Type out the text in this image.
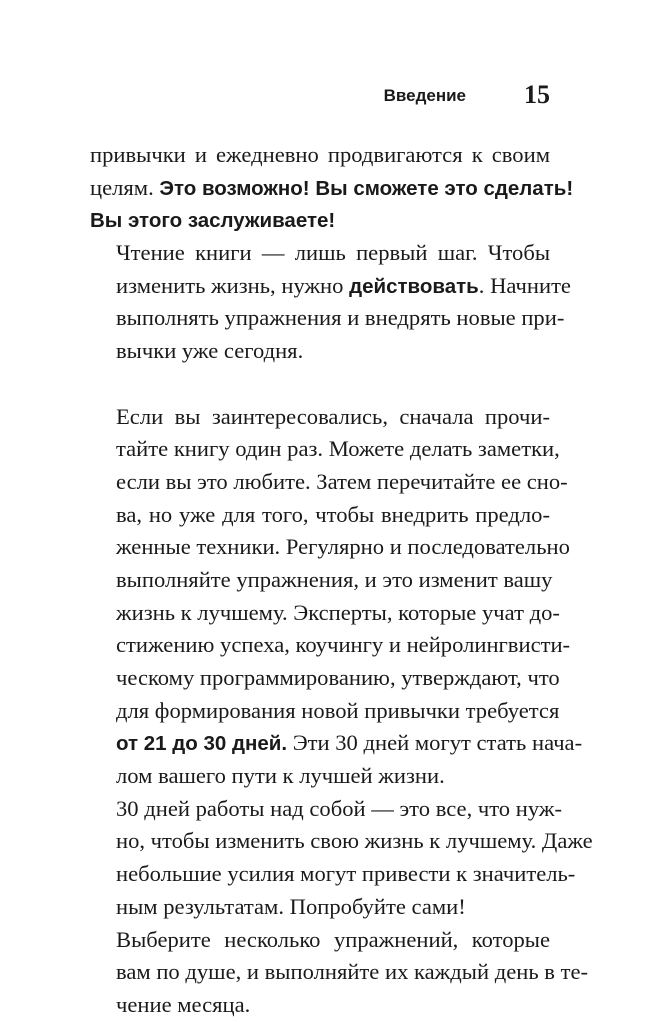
Введение 15

привычки и ежедневно продвигаются к своим
целям. Это возможно! Вы сможете это сделать!
Вы этого заслуживаете!

Чтение книги — лишь первый шаг. Чтобы
изменить жизнь, нужно действовать. Начните
выполнять упражнения и внедрять новые при-
вычки уже сегодня.

Если вы заинтересовались, сначала прочи-
тайте книгу один раз. Можете делать заметки,
если вы это любите. Затем перечитайте ее сно-
ва, но уже для того, чтобы внедрить предло-
женные техники. Регулярно и последовательно
выполняйте упражнения, и это изменит вашу
жизнь к лучшему. Эксперты, которые учат до-
стижению успеха, коучингу и нейролингвисти-
ческому программированию, утверждают, что
для формирования новой привычки требуется
от 21 до 30 дней. Эти 30 дней могут стать нача-
лом вашего пути к лучшей жизни.

30 дней работы над собой — это все, что нуж-
но, чтобы изменить свою жизнь к лучшему. Даже
небольшие усилия могут привести к значитель-
ным результатам. Попробуйте сами!

Выберите несколько упражнений, которые
вам по душе, и выполняйте их каждый день в те-
чение месяца.
